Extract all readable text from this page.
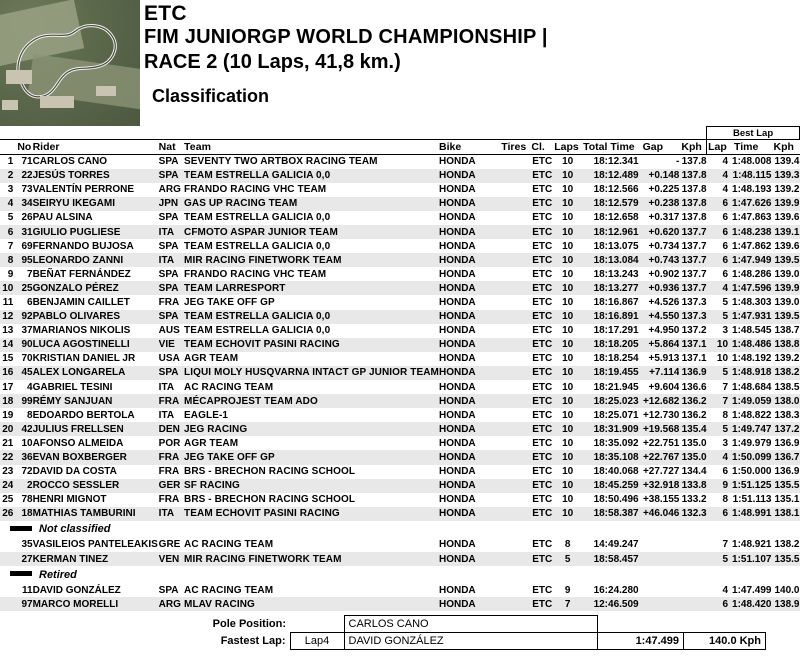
ETC
FIM JUNIORGP WORLD CHAMPIONSHIP |
RACE 2 (10 Laps, 41,8 km.)
Classification
												Best Lap		
	No	Rider	Nat	Team	Bike	Tires	Cl.	Laps	Total Time	Gap	Kph	Lap	Time	Kph
1	71	CARLOS CANO	SPA	SEVENTY TWO ARTBOX RACING TEAM	HONDA		ETC	10	18:12.341	-	137.8	4	1:48.008	139.4
2	22	JESÚS TORRES	SPA	TEAM ESTRELLA GALICIA 0,0	HONDA		ETC	10	18:12.489	+0.148	137.8	4	1:48.115	139.3
3	73	VALENTÍN PERRONE	ARG	FRANDO RACING VHC TEAM	HONDA		ETC	10	18:12.566	+0.225	137.8	4	1:48.193	139.2
4	34	SEIRYU IKEGAMI	JPN	GAS UP RACING TEAM	HONDA		ETC	10	18:12.579	+0.238	137.8	6	1:47.626	139.9
5	26	PAU ALSINA	SPA	TEAM ESTRELLA GALICIA 0,0	HONDA		ETC	10	18:12.658	+0.317	137.8	6	1:47.863	139.6
6	31	GIULIO PUGLIESE	ITA	CFMOTO ASPAR JUNIOR TEAM	HONDA		ETC	10	18:12.961	+0.620	137.7	6	1:48.238	139.1
7	69	FERNANDO BUJOSA	SPA	TEAM ESTRELLA GALICIA 0,0	HONDA		ETC	10	18:13.075	+0.734	137.7	6	1:47.862	139.6
8	95	LEONARDO ZANNI	ITA	MIR RACING FINETWORK TEAM	HONDA		ETC	10	18:13.084	+0.743	137.7	6	1:47.949	139.5
9	7	BEÑAT FERNÁNDEZ	SPA	FRANDO RACING VHC TEAM	HONDA		ETC	10	18:13.243	+0.902	137.7	6	1:48.286	139.0
10	25	GONZALO PÉREZ	SPA	TEAM LARRESPORT	HONDA		ETC	10	18:13.277	+0.936	137.7	4	1:47.596	139.9
11	6	BENJAMIN CAILLET	FRA	JEG TAKE OFF GP	HONDA		ETC	10	18:16.867	+4.526	137.3	5	1:48.303	139.0
12	92	PABLO OLIVARES	SPA	TEAM ESTRELLA GALICIA 0,0	HONDA		ETC	10	18:16.891	+4.550	137.3	5	1:47.931	139.5
13	37	MARIANOS NIKOLIS	AUS	TEAM ESTRELLA GALICIA 0,0	HONDA		ETC	10	18:17.291	+4.950	137.2	3	1:48.545	138.7
14	90	LUCA AGOSTINELLI	VIE	TEAM ECHOVIT PASINI RACING	HONDA		ETC	10	18:18.205	+5.864	137.1	10	1:48.486	138.8
15	70	KRISTIAN DANIEL JR	USA	AGR TEAM	HONDA		ETC	10	18:18.254	+5.913	137.1	10	1:48.192	139.2
16	45	ALEX LONGARELA	SPA	LIQUI MOLY HUSQVARNA INTACT GP JUNIOR TEAM	HONDA		ETC	10	18:19.455	+7.114	136.9	5	1:48.918	138.2
17	4	GABRIEL TESINI	ITA	AC RACING TEAM	HONDA		ETC	10	18:21.945	+9.604	136.6	7	1:48.684	138.5
18	99	RÉMY SANJUAN	FRA	MÉCAPROJEST TEAM ADO	HONDA		ETC	10	18:25.023	+12.682	136.2	7	1:49.059	138.0
19	8	EDOARDO BERTOLA	ITA	EAGLE-1	HONDA		ETC	10	18:25.071	+12.730	136.2	8	1:48.822	138.3
20	42	JULIUS FRELLSEN	DEN	JEG RACING	HONDA		ETC	10	18:31.909	+19.568	135.4	5	1:49.747	137.2
21	10	AFONSO ALMEIDA	POR	AGR TEAM	HONDA		ETC	10	18:35.092	+22.751	135.0	3	1:49.979	136.9
22	36	EVAN BOXBERGER	FRA	JEG TAKE OFF GP	HONDA		ETC	10	18:35.108	+22.767	135.0	4	1:50.099	136.7
23	72	DAVID DA COSTA	FRA	BRS - BRECHON RACING SCHOOL	HONDA		ETC	10	18:40.068	+27.727	134.4	6	1:50.000	136.9
24	2	ROCCO SESSLER	GER	SF RACING	HONDA		ETC	10	18:45.259	+32.918	133.8	9	1:51.125	135.5
25	78	HENRI MIGNOT	FRA	BRS - BRECHON RACING SCHOOL	HONDA		ETC	10	18:50.496	+38.155	133.2	8	1:51.113	135.1
26	18	MATHIAS TAMBURINI	ITA	TEAM ECHOVIT PASINI RACING	HONDA		ETC	10	18:58.387	+46.046	132.3	6	1:48.991	138.1
Not classified														
	35	VASILEIOS PANTELEAKIS	GRE	AC RACING TEAM	HONDA		ETC	8	14:49.247			7	1:48.921	138.2
	27	KERMAN TINEZ	VEN	MIR RACING FINETWORK TEAM	HONDA		ETC	5	18:58.457			5	1:51.107	135.5
Retired														
	11	DAVID GONZÁLEZ	SPA	AC RACING TEAM	HONDA		ETC	9	16:24.280			4	1:47.499	140.0
	97	MARCO MORELLI	ARG	MLAV RACING	HONDA		ETC	7	12:46.509			6	1:48.420	138.9
Pole Position:		CARLOS CANO		
Fastest Lap:	Lap4	DAVID GONZÁLEZ	1:47.499	140.0 Kph
